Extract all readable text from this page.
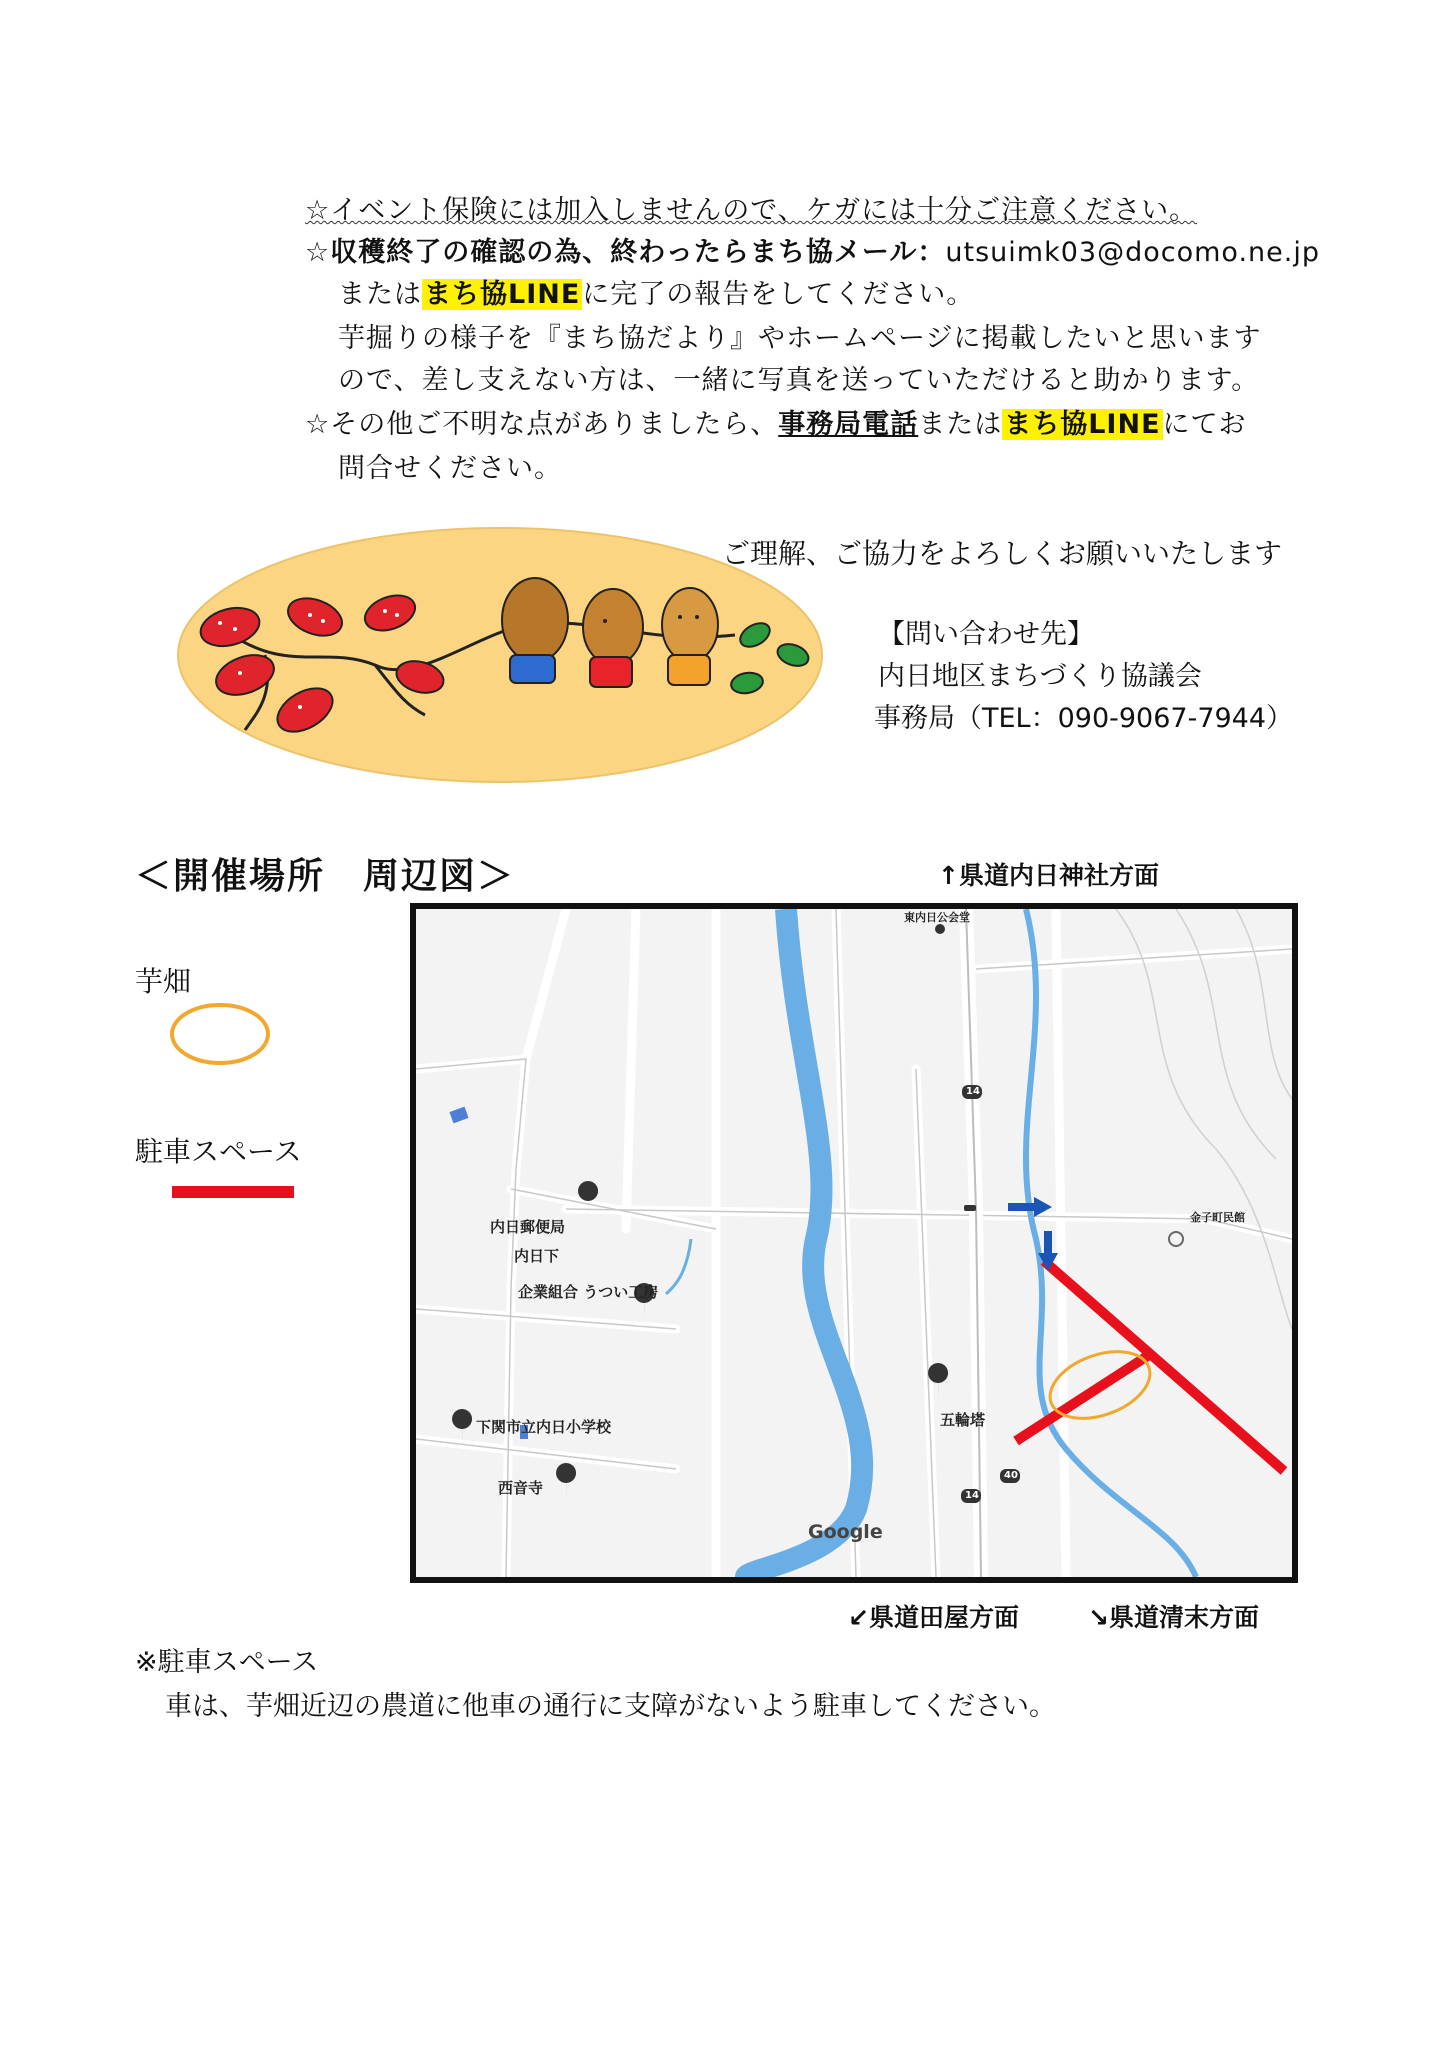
☆イベント保険には加入しませんので、ケガには十分ご注意ください。
☆収穫終了の確認の為、終わったらまち協メール：utsuimk03@docomo.ne.jp
またはまち協LINEに完了の報告をしてください。
芋掘りの様子を『まち協だより』やホームページに掲載したいと思います
ので、差し支えない方は、一緒に写真を送っていただけると助かります。
☆その他ご不明な点がありましたら、事務局電話またはまち協LINEにてお
問合せください。
ご理解、ご協力をよろしくお願いいたします
【問い合わせ先】
内日地区まちづくり協議会
事務局（TEL：090-9067-7944）
＜開催場所　周辺図＞	↑県道内日神社方面
芋畑
駐車スペース
内日郵便局
内日下
企業組合 うつい工房
下関市立内日小学校
西音寺
五輪塔
金子町民館
東内日公会堂
Google
14
14
40
↙県道田屋方面	↘県道清末方面
※駐車スペース
車は、芋畑近辺の農道に他車の通行に支障がないよう駐車してください。
